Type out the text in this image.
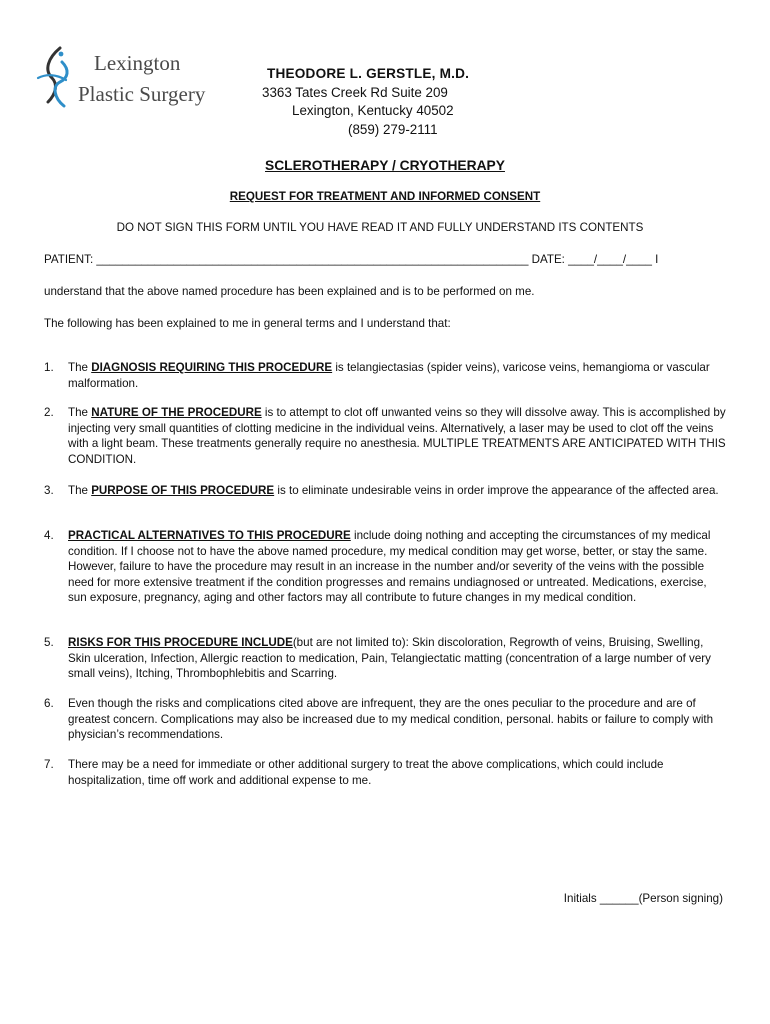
Lexington
Plastic Surgery
THEODORE L. GERSTLE, M.D.
3363 Tates Creek Rd Suite 209
Lexington, Kentucky 40502
(859) 279-2111
SCLEROTHERAPY / CRYOTHERAPY
REQUEST FOR TREATMENT AND INFORMED CONSENT
DO NOT SIGN THIS FORM UNTIL YOU HAVE READ IT AND FULLY UNDERSTAND ITS CONTENTS
PATIENT: ___________________________________________________________________ DATE: ____/____/____ I
understand that the above named procedure has been explained and is to be performed on me.
The following has been explained to me in general terms and I understand that:
1. The DIAGNOSIS REQUIRING THIS PROCEDURE is telangiectasias (spider veins), varicose veins, hemangioma or vascular malformation.
2. The NATURE OF THE PROCEDURE is to attempt to clot off unwanted veins so they will dissolve away. This is accomplished by injecting very small quantities of clotting medicine in the individual veins. Alternatively, a laser may be used to clot off the veins with a light beam. These treatments generally require no anesthesia. MULTIPLE TREATMENTS ARE ANTICIPATED WITH THIS CONDITION.
3. The PURPOSE OF THIS PROCEDURE is to eliminate undesirable veins in order improve the appearance of the affected area.
4. PRACTICAL ALTERNATIVES TO THIS PROCEDURE include doing nothing and accepting the circumstances of my medical condition. If I choose not to have the above named procedure, my medical condition may get worse, better, or stay the same. However, failure to have the procedure may result in an increase in the number and/or severity of the veins with the possible need for more extensive treatment if the condition progresses and remains undiagnosed or untreated. Medications, exercise, sun exposure, pregnancy, aging and other factors may all contribute to future changes in my medical condition.
5. RISKS FOR THIS PROCEDURE INCLUDE(but are not limited to): Skin discoloration, Regrowth of veins, Bruising, Swelling, Skin ulceration, Infection, Allergic reaction to medication, Pain, Telangiectatic matting (concentration of a large number of very small veins), Itching, Thrombophlebitis and Scarring.
6. Even though the risks and complications cited above are infrequent, they are the ones peculiar to the procedure and are of greatest concern. Complications may also be increased due to my medical condition, personal. habits or failure to comply with physician’s recommendations.
7. There may be a need for immediate or other additional surgery to treat the above complications, which could include hospitalization, time off work and additional expense to me.
Initials ______(Person signing)
